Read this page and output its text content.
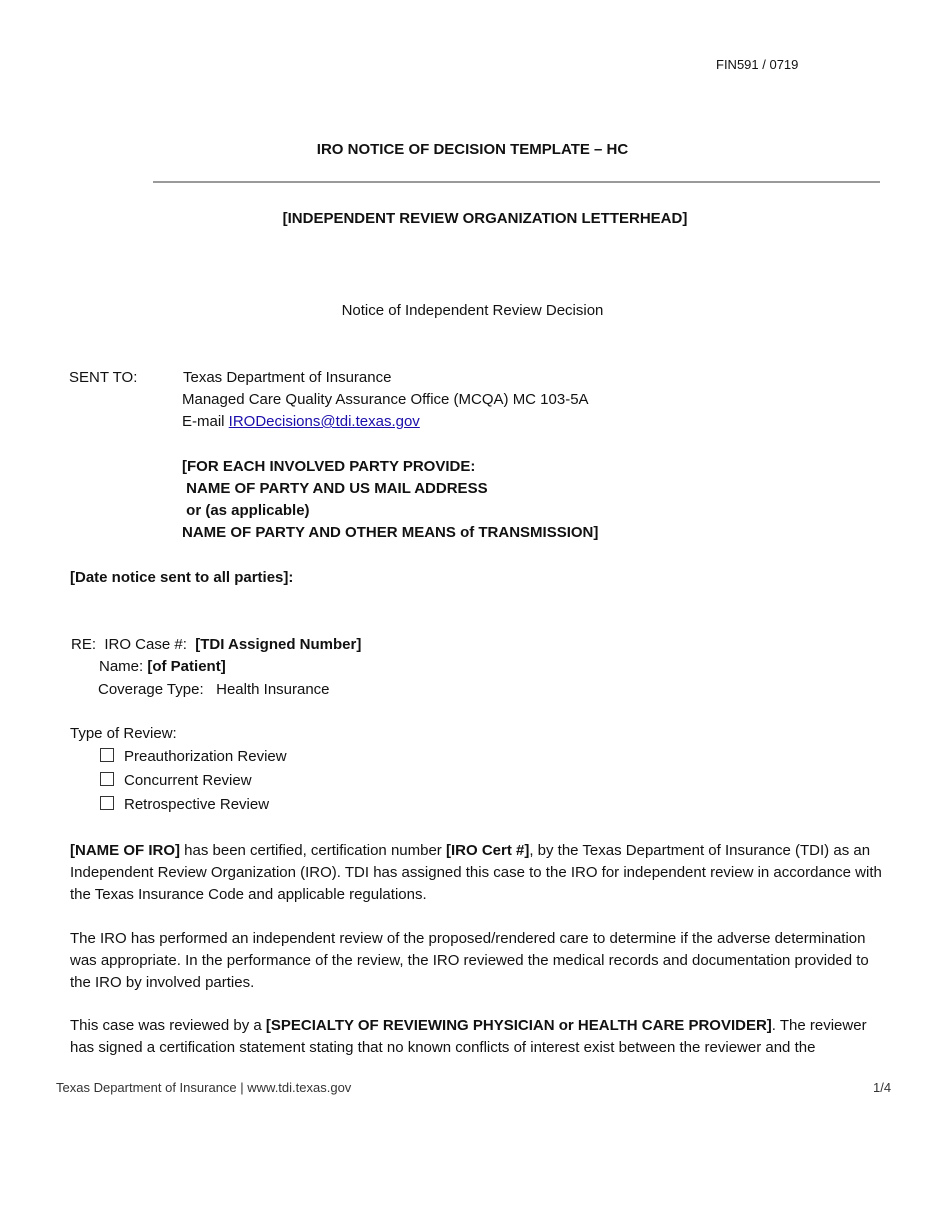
FIN591 / 0719
IRO NOTICE OF DECISION TEMPLATE – HC
[INDEPENDENT REVIEW ORGANIZATION LETTERHEAD]
Notice of Independent Review Decision
SENT TO:	Texas Department of Insurance
Managed Care Quality Assurance Office (MCQA) MC 103-5A
E-mail IRODecisions@tdi.texas.gov
[FOR EACH INVOLVED PARTY PROVIDE:
NAME OF PARTY AND US MAIL ADDRESS
or (as applicable)
NAME OF PARTY AND OTHER MEANS of TRANSMISSION]
[Date notice sent to all parties]:
RE:  IRO Case #:  [TDI Assigned Number]
Name: [of Patient]
Coverage Type:   Health Insurance
Type of Review:
Preauthorization Review
Concurrent Review
Retrospective Review
[NAME OF IRO] has been certified, certification number [IRO Cert #], by the Texas Department of Insurance (TDI) as an Independent Review Organization (IRO). TDI has assigned this case to the IRO for independent review in accordance with the Texas Insurance Code and applicable regulations.
The IRO has performed an independent review of the proposed/rendered care to determine if the adverse determination was appropriate. In the performance of the review, the IRO reviewed the medical records and documentation provided to the IRO by involved parties.
This case was reviewed by a [SPECIALTY OF REVIEWING PHYSICIAN or HEALTH CARE PROVIDER]. The reviewer has signed a certification statement stating that no known conflicts of interest exist between the reviewer and the
Texas Department of Insurance | www.tdi.texas.gov	1/4
